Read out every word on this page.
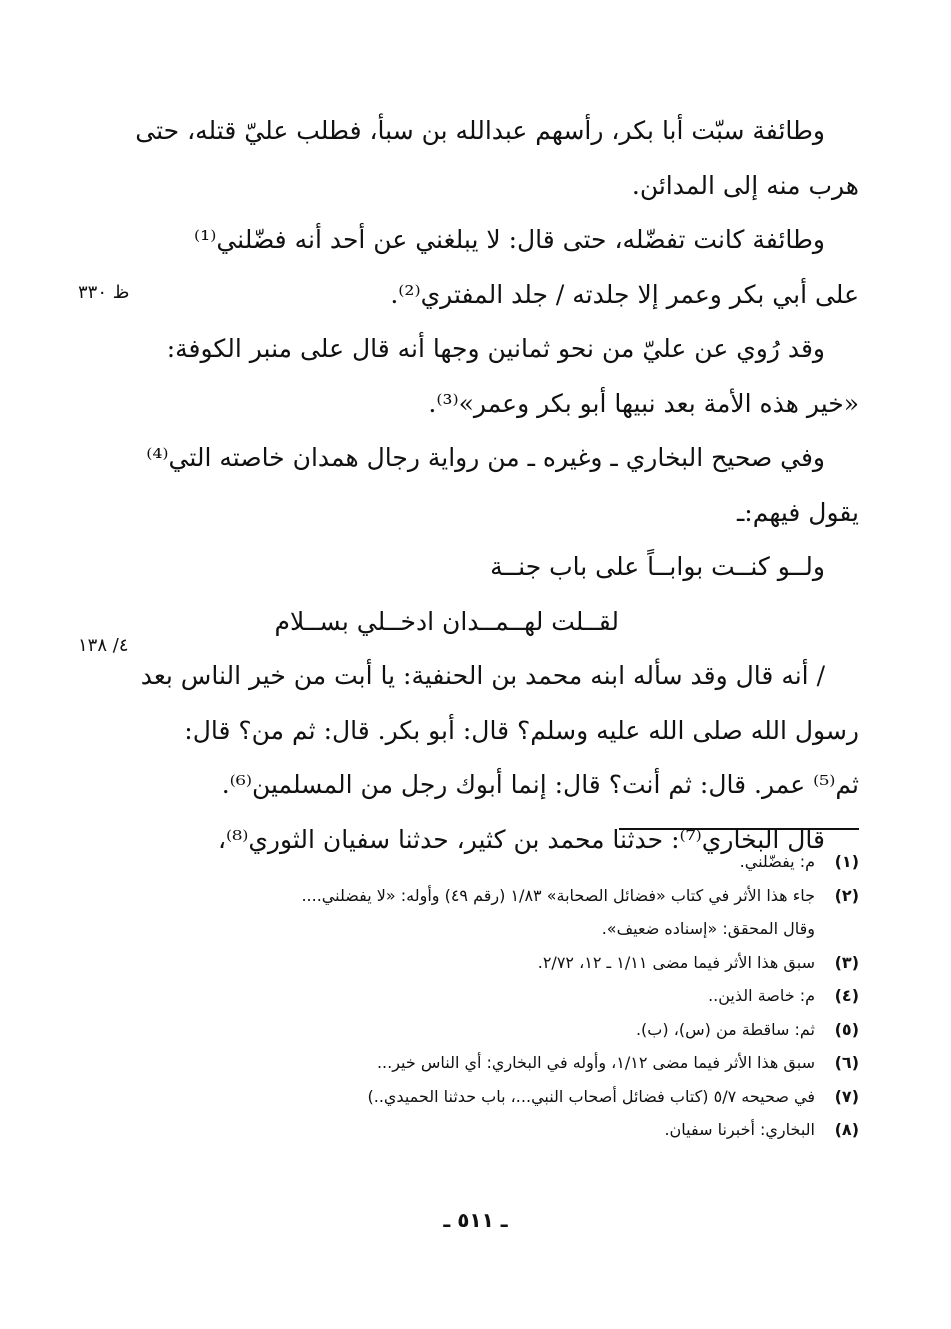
وطائفة سبّت أبا بكر، رأسهم عبدالله بن سبأ، فطلب عليّ قتله، حتى
هرب منه إلى المدائن.
وطائفة كانت تفضّله، حتى قال: لا يبلغني عن أحد أنه فضّلني⁽¹⁾
على أبي بكر وعمر إلا جلدته / جلد المفتري⁽²⁾.
وقد رُوي عن عليّ من نحو ثمانين وجها أنه قال على منبر الكوفة:
«خير هذه الأمة بعد نبيها أبو بكر وعمر»⁽³⁾.
وفي صحيح البخاري ـ وغيره ـ من رواية رجال همدان خاصته التي⁽⁴⁾
يقول فيهم:ـ
ولــو كنــت بوابــاً على باب جنــة
لقــلت لهــمــدان ادخــلي بســلام
/ أنه قال وقد سأله ابنه محمد بن الحنفية: يا أبت من خير الناس بعد
رسول الله صلى الله عليه وسلم؟ قال: أبو بكر. قال: ثم من؟ قال:
ثم⁽⁵⁾ عمر. قال: ثم أنت؟ قال: إنما أبوك رجل من المسلمين⁽⁶⁾.
قال البخاري⁽⁷⁾: حدثنا محمد بن كثير، حدثنا سفيان الثوري⁽⁸⁾،
ظ ٣٣٠
٤/ ١٣٨
(١)
م: يفضّلني.
(٢)
جاء هذا الأثر في كتاب «فضائل الصحابة» ١/٨٣ (رقم ٤٩) وأوله: «لا يفضلني....
وقال المحقق: «إسناده ضعيف».
(٣)
سبق هذا الأثر فيما مضى ١/١١ ـ ١٢، ٢/٧٢.
(٤)
م: خاصة الذين..
(٥)
ثم: ساقطة من (س)، (ب).
(٦)
سبق هذا الأثر فيما مضى ١/١٢، وأوله في البخاري: أي الناس خير...
(٧)
في صحيحه ٥/٧ (كتاب فضائل أصحاب النبي...، باب حدثنا الحميدي..)
(٨)
البخاري: أخبرنا سفيان.
ـ ٥١١ ـ
